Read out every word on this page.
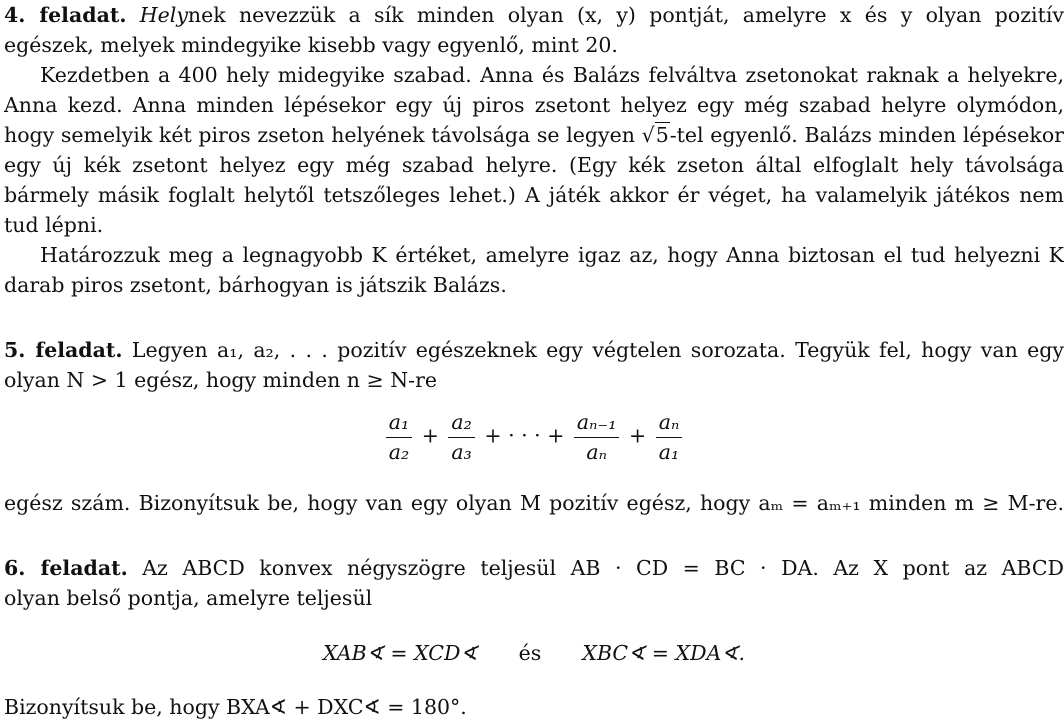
4. feladat. Helynek nevezzük a sík minden olyan (x, y) pontját, amelyre x és y olyan pozitív
egészek, melyek mindegyike kisebb vagy egyenlő, mint 20.
Kezdetben a 400 hely midegyike szabad. Anna és Balázs felváltva zsetonokat raknak a helyekre,
Anna kezd. Anna minden lépésekor egy új piros zsetont helyez egy még szabad helyre olymódon,
hogy semelyik két piros zseton helyének távolsága se legyen √5-tel egyenlő. Balázs minden lépésekor
egy új kék zsetont helyez egy még szabad helyre. (Egy kék zseton által elfoglalt hely távolsága
bármely másik foglalt helytől tetszőleges lehet.) A játék akkor ér véget, ha valamelyik játékos nem
tud lépni.
Határozzuk meg a legnagyobb K értéket, amelyre igaz az, hogy Anna biztosan el tud helyezni K
darab piros zsetont, bárhogyan is játszik Balázs.
5. feladat. Legyen a₁, a₂, . . . pozitív egészeknek egy végtelen sorozata. Tegyük fel, hogy van egy
olyan N > 1 egész, hogy minden n ≥ N-re
$\frac{\text{a₁}}{\text{a₂}} + \frac{\text{a₂}}{\text{a₃}}$ + · · · + $\frac{\text{aₙ₋₁}}{\text{aₙ}} + \frac{\text{aₙ}}{\text{a₁}}$
egész szám. Bizonyítsuk be, hogy van egy olyan M pozitív egész, hogy aₘ = aₘ₊₁ minden m ≥ M-re.
6. feladat. Az ABCD konvex négyszögre teljesül AB · CD = BC · DA. Az X pont az ABCD
olyan belső pontja, amelyre teljesül
XAB∢ = XCD∢ és XBC∢ = XDA∢.
Bizonyítsuk be, hogy BXA∢ + DXC∢ = 180°.
